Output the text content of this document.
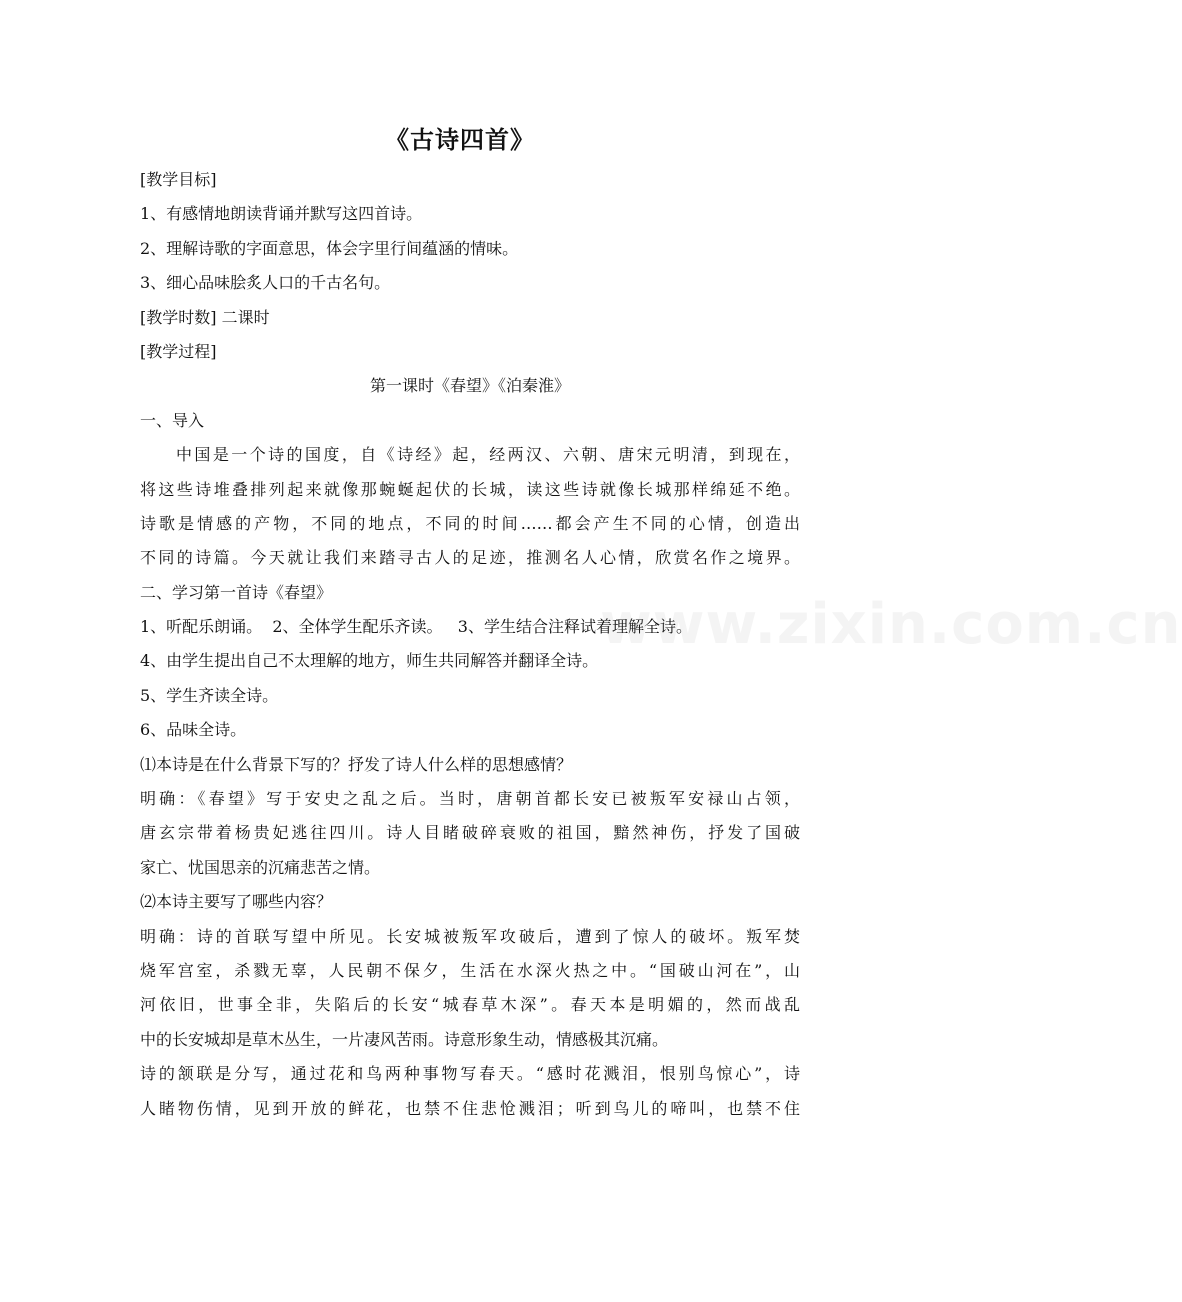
《古诗四首》
[教学目标]
1、有感情地朗读背诵并默写这四首诗。
2、理解诗歌的字面意思，体会字里行间蕴涵的情味。
3、细心品味脍炙人口的千古名句。
[教学时数] 二课时
[教学过程]
第一课时《春望》《泊秦淮》
一、导入
中国是一个诗的国度，自《诗经》起，经两汉、六朝、唐宋元明清，到现在，
将这些诗堆叠排列起来就像那蜿蜒起伏的长城，读这些诗就像长城那样绵延不绝。
诗歌是情感的产物，不同的地点，不同的时间……都会产生不同的心情，创造出
不同的诗篇。今天就让我们来踏寻古人的足迹，推测名人心情，欣赏名作之境界。
二、学习第一首诗《春望》
1、听配乐朗诵。  2、全体学生配乐齐读。   3、学生结合注释试着理解全诗。
4、由学生提出自己不太理解的地方，师生共同解答并翻译全诗。
5、学生齐读全诗。
6、品味全诗。
⑴本诗是在什么背景下写的？抒发了诗人什么样的思想感情？
明确：《春望》写于安史之乱之后。当时，唐朝首都长安已被叛军安禄山占领，
唐玄宗带着杨贵妃逃往四川。诗人目睹破碎衰败的祖国，黯然神伤，抒发了国破
家亡、忧国思亲的沉痛悲苦之情。
⑵本诗主要写了哪些内容？
明确：诗的首联写望中所见。长安城被叛军攻破后，遭到了惊人的破坏。叛军焚
烧军宫室，杀戮无辜，人民朝不保夕，生活在水深火热之中。“国破山河在”，山
河依旧，世事全非，失陷后的长安“城春草木深”。春天本是明媚的，然而战乱
中的长安城却是草木丛生，一片凄风苦雨。诗意形象生动，情感极其沉痛。
诗的颔联是分写，通过花和鸟两种事物写春天。“感时花溅泪，恨别鸟惊心”，诗
人睹物伤情，见到开放的鲜花，也禁不住悲怆溅泪；听到鸟儿的啼叫，也禁不住
www.zixin.com.cn
